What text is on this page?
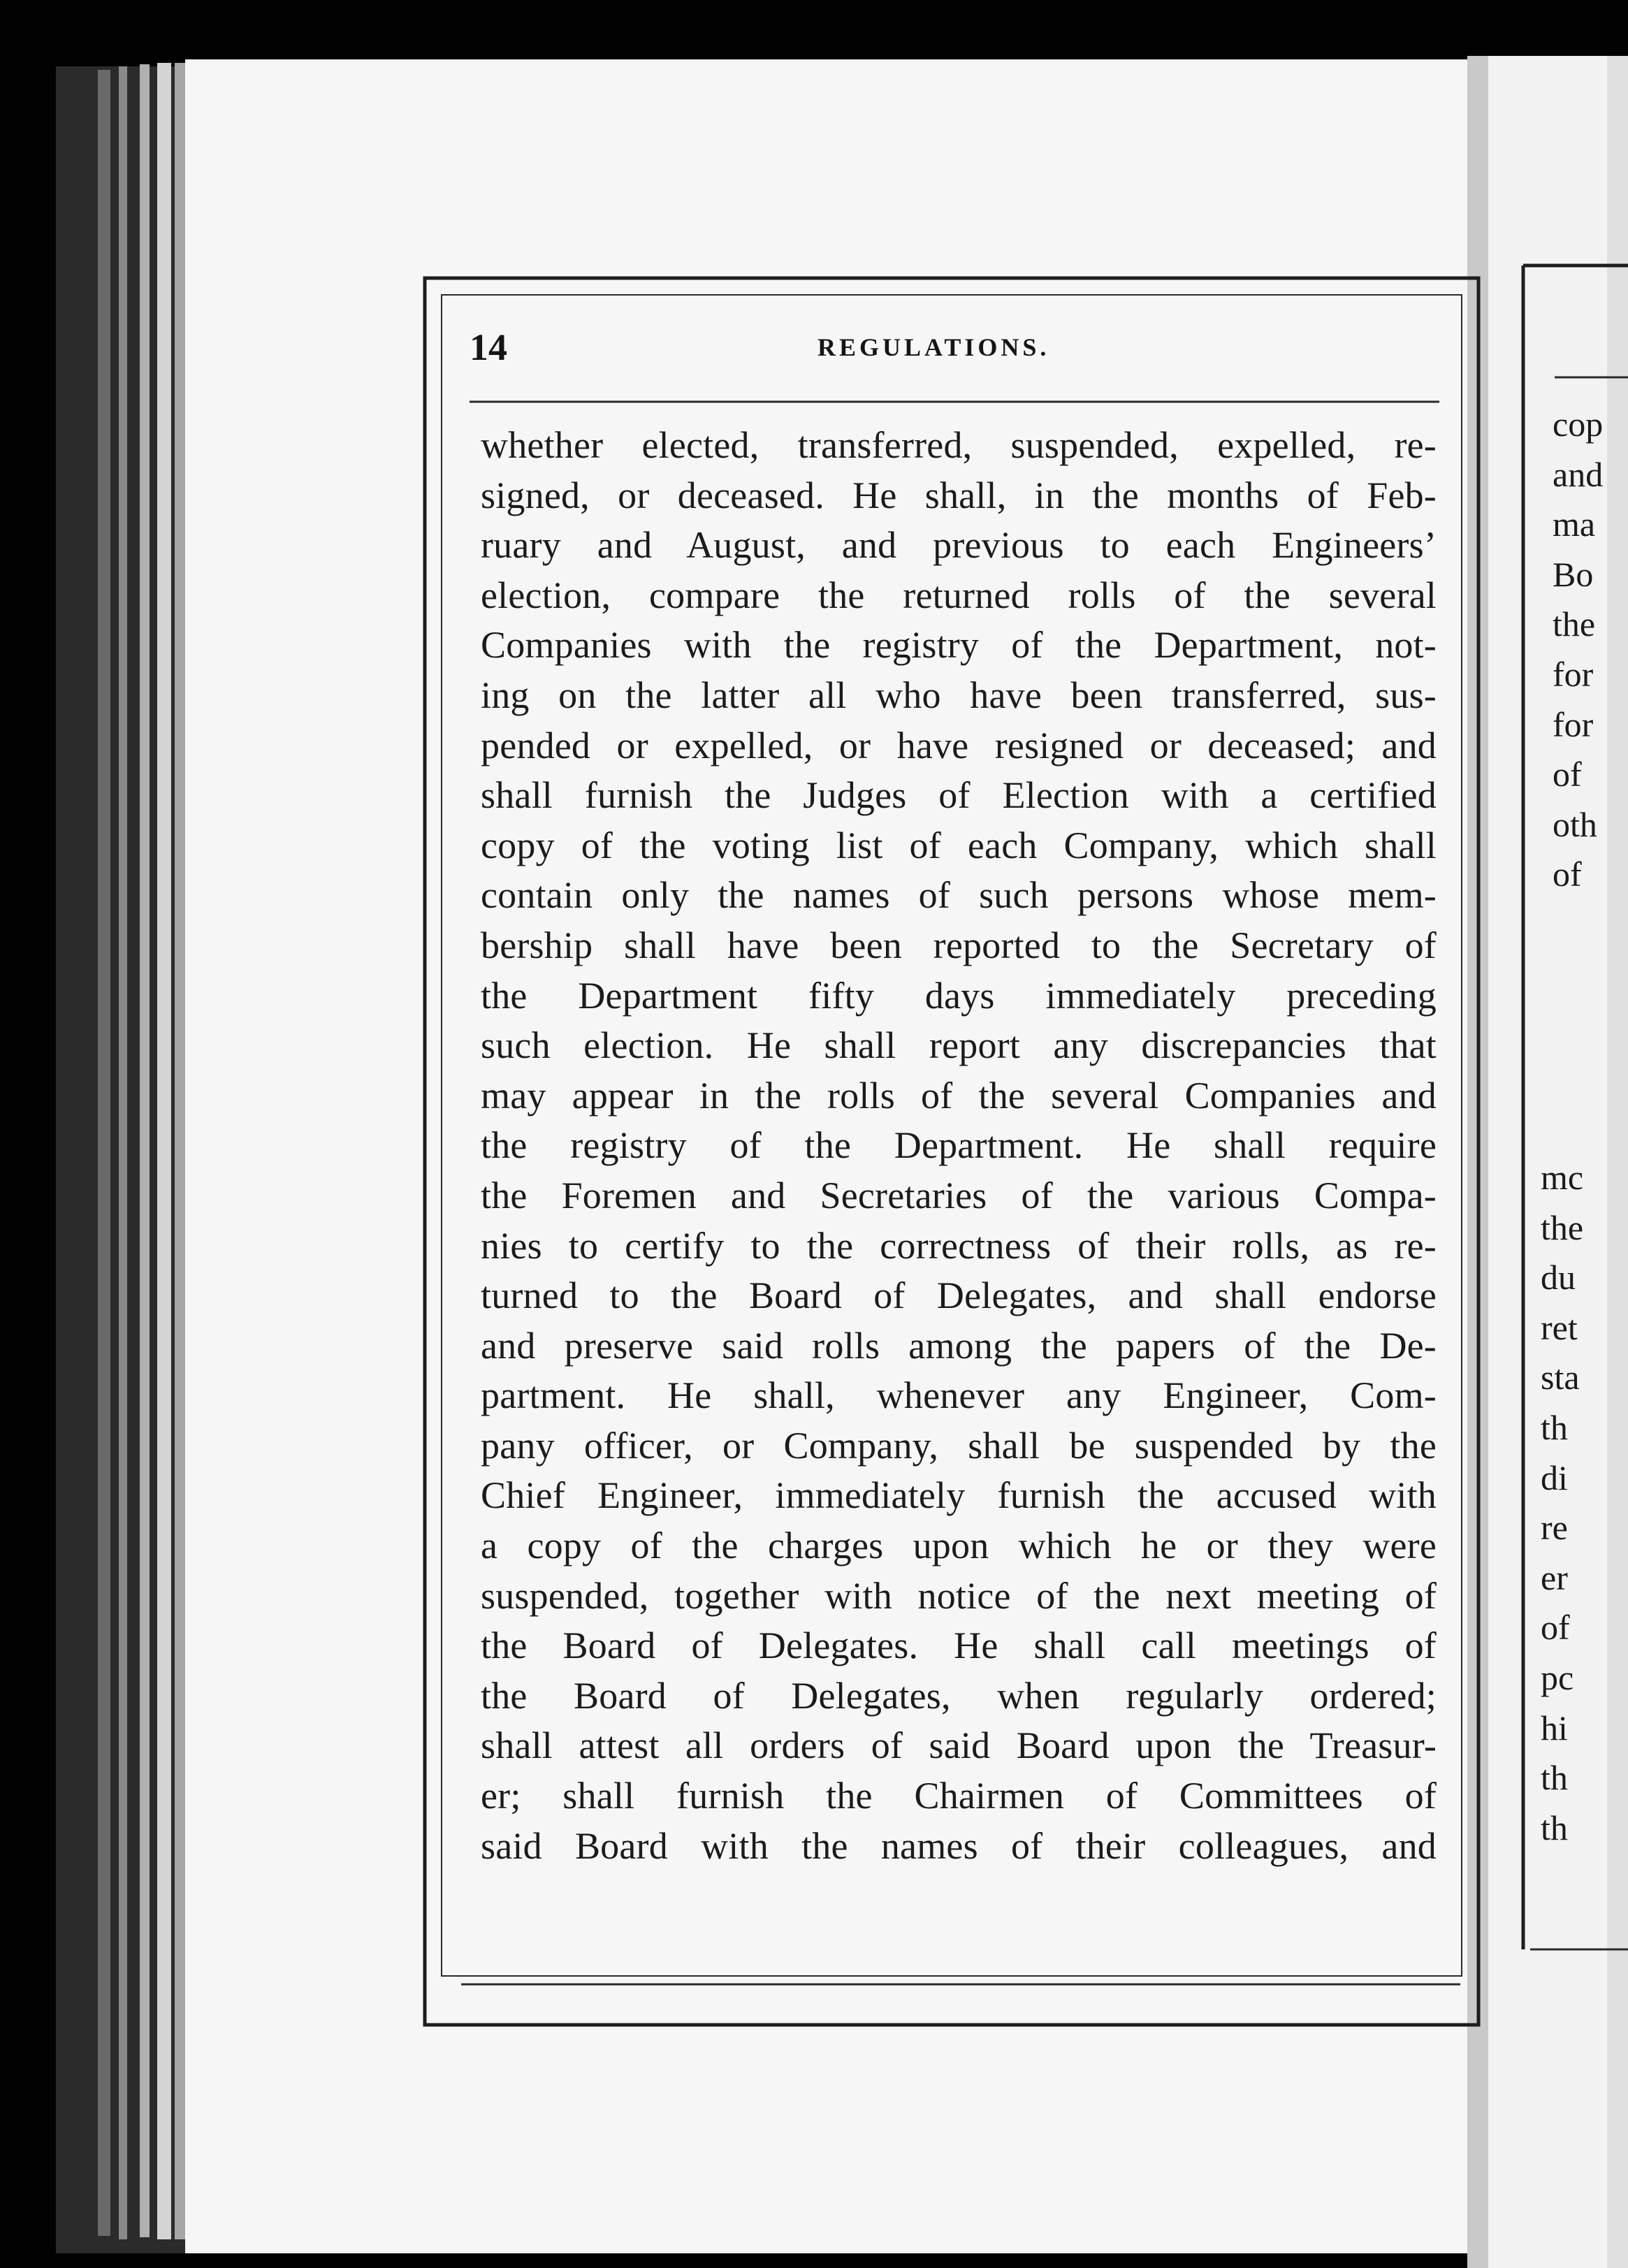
14	REGULATIONS.
whether elected, transferred, suspended, expelled, re-
signed, or deceased. He shall, in the months of Feb-
ruary and August, and previous to each Engineers’
election, compare the returned rolls of the several
Companies with the registry of the Department, not-
ing on the latter all who have been transferred, sus-
pended or expelled, or have resigned or deceased; and
shall furnish the Judges of Election with a certified
copy of the voting list of each Company, which shall
contain only the names of such persons whose mem-
bership shall have been reported to the Secretary of
the Department fifty days immediately preceding
such election. He shall report any discrepancies that
may appear in the rolls of the several Companies and
the registry of the Department. He shall require
the Foremen and Secretaries of the various Compa-
nies to certify to the correctness of their rolls, as re-
turned to the Board of Delegates, and shall endorse
and preserve said rolls among the papers of the De-
partment. He shall, whenever any Engineer, Com-
pany officer, or Company, shall be suspended by the
Chief Engineer, immediately furnish the accused with
a copy of the charges upon which he or they were
suspended, together with notice of the next meeting of
the Board of Delegates. He shall call meetings of
the Board of Delegates, when regularly ordered;
shall attest all orders of said Board upon the Treasur-
er; shall furnish the Chairmen of Committees of
said Board with the names of their colleagues, and
cop
and
ma
Bo
the
for
for
of
oth
of
mc
the
du
ret
sta
th
di
re
er
of
pc
hi
th
th
